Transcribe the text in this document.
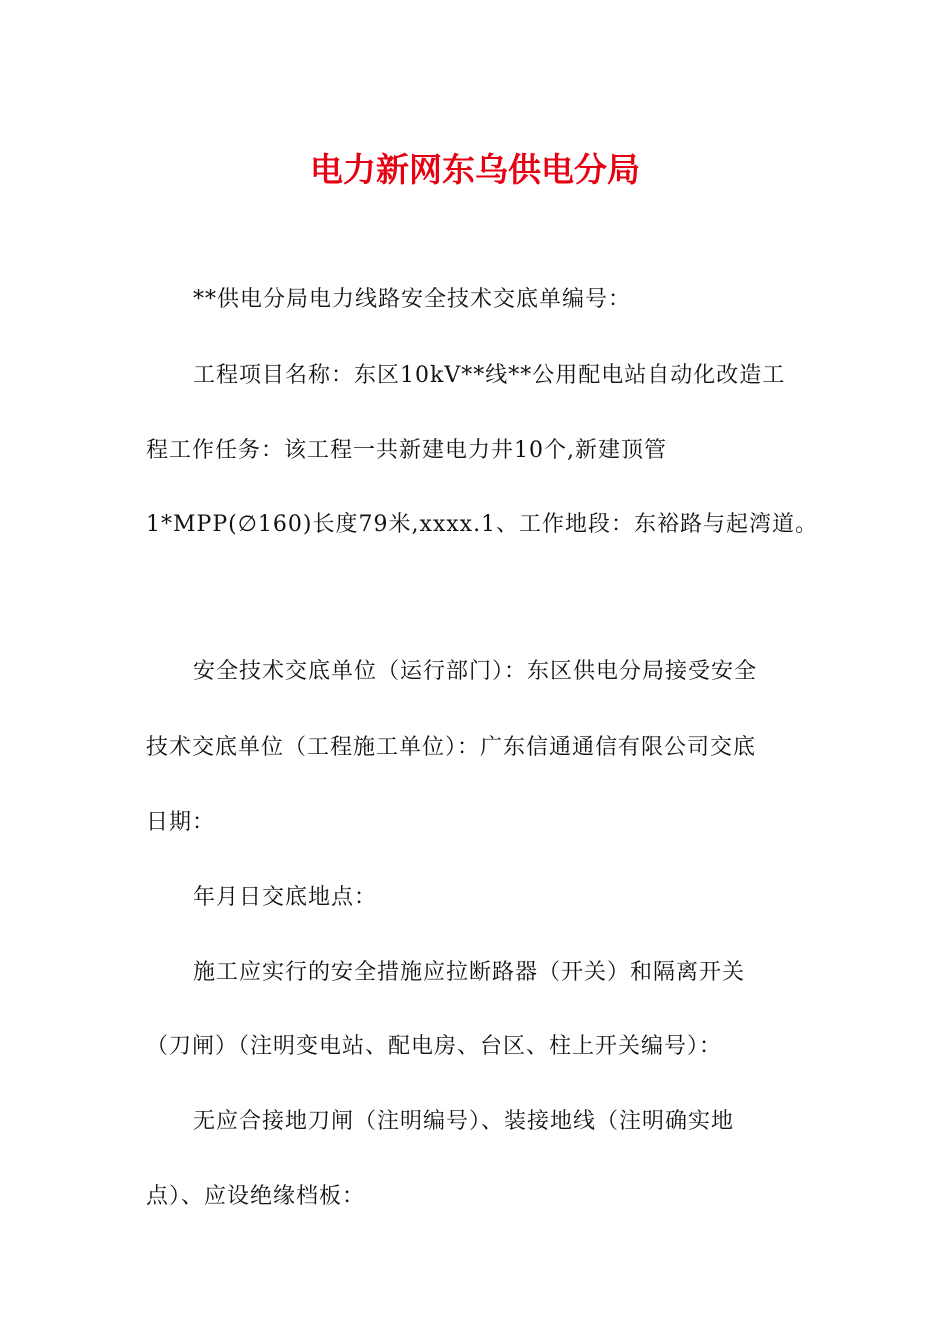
电力新网东乌供电分局

**供电分局电力线路安全技术交底单编号：

工程项目名称：东区10kV**线**公用配电站自动化改造工

程工作任务：该工程一共新建电力井10个,新建顶管

1*MPP(∅160)长度79米,xxxx.1、工作地段：东裕路与起湾道。

安全技术交底单位（运行部门）：东区供电分局接受安全

技术交底单位（工程施工单位）：广东信通通信有限公司交底

日期：

年月日交底地点：

施工应实行的安全措施应拉断路器（开关）和隔离开关

（刀闸）（注明变电站、配电房、台区、柱上开关编号）：

无应合接地刀闸（注明编号）、装接地线（注明确实地

点）、应设绝缘档板：
